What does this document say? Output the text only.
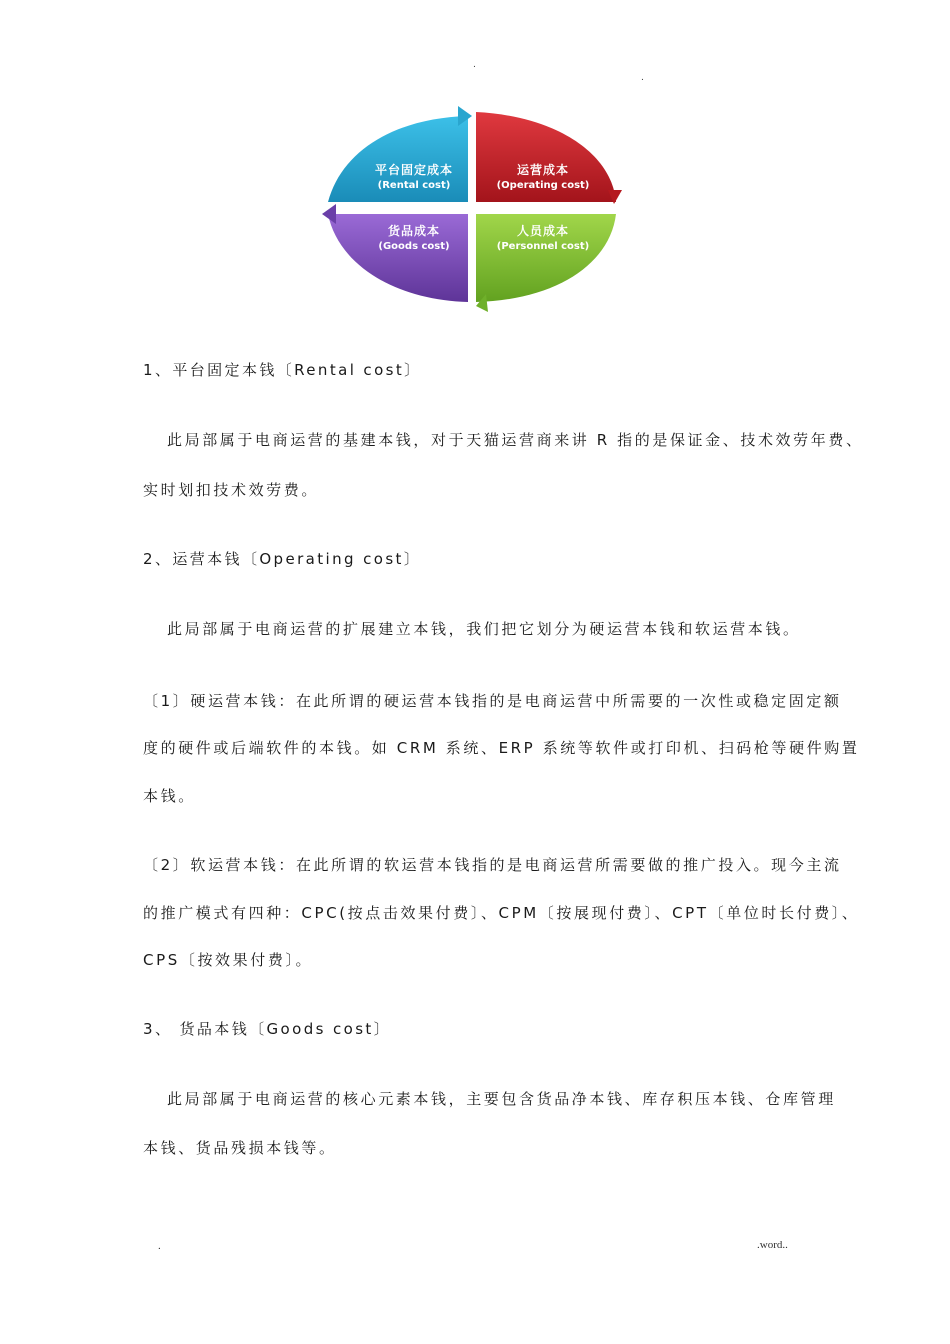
.
.
平台固定成本
(Rental cost)
运营成本
(Operating cost)
货品成本
(Goods cost)
人员成本
(Personnel cost)
1、平台固定本钱〔Rental cost〕
此局部属于电商运营的基建本钱，对于天猫运营商来讲 R 指的是保证金、技术效劳年费、
实时划扣技术效劳费。
2、运营本钱〔Operating cost〕
此局部属于电商运营的扩展建立本钱，我们把它划分为硬运营本钱和软运营本钱。
〔1〕硬运营本钱：在此所谓的硬运营本钱指的是电商运营中所需要的一次性或稳定固定额
度的硬件或后端软件的本钱。如 CRM 系统、ERP 系统等软件或打印机、扫码枪等硬件购置
本钱。
〔2〕软运营本钱：在此所谓的软运营本钱指的是电商运营所需要做的推广投入。现今主流
的推广模式有四种：CPC(按点击效果付费〕、CPM〔按展现付费〕、CPT〔单位时长付费〕、
CPS〔按效果付费〕。
3、 货品本钱〔Goods cost〕
此局部属于电商运营的核心元素本钱，主要包含货品净本钱、库存积压本钱、仓库管理
本钱、货品残损本钱等。
.	.word..
